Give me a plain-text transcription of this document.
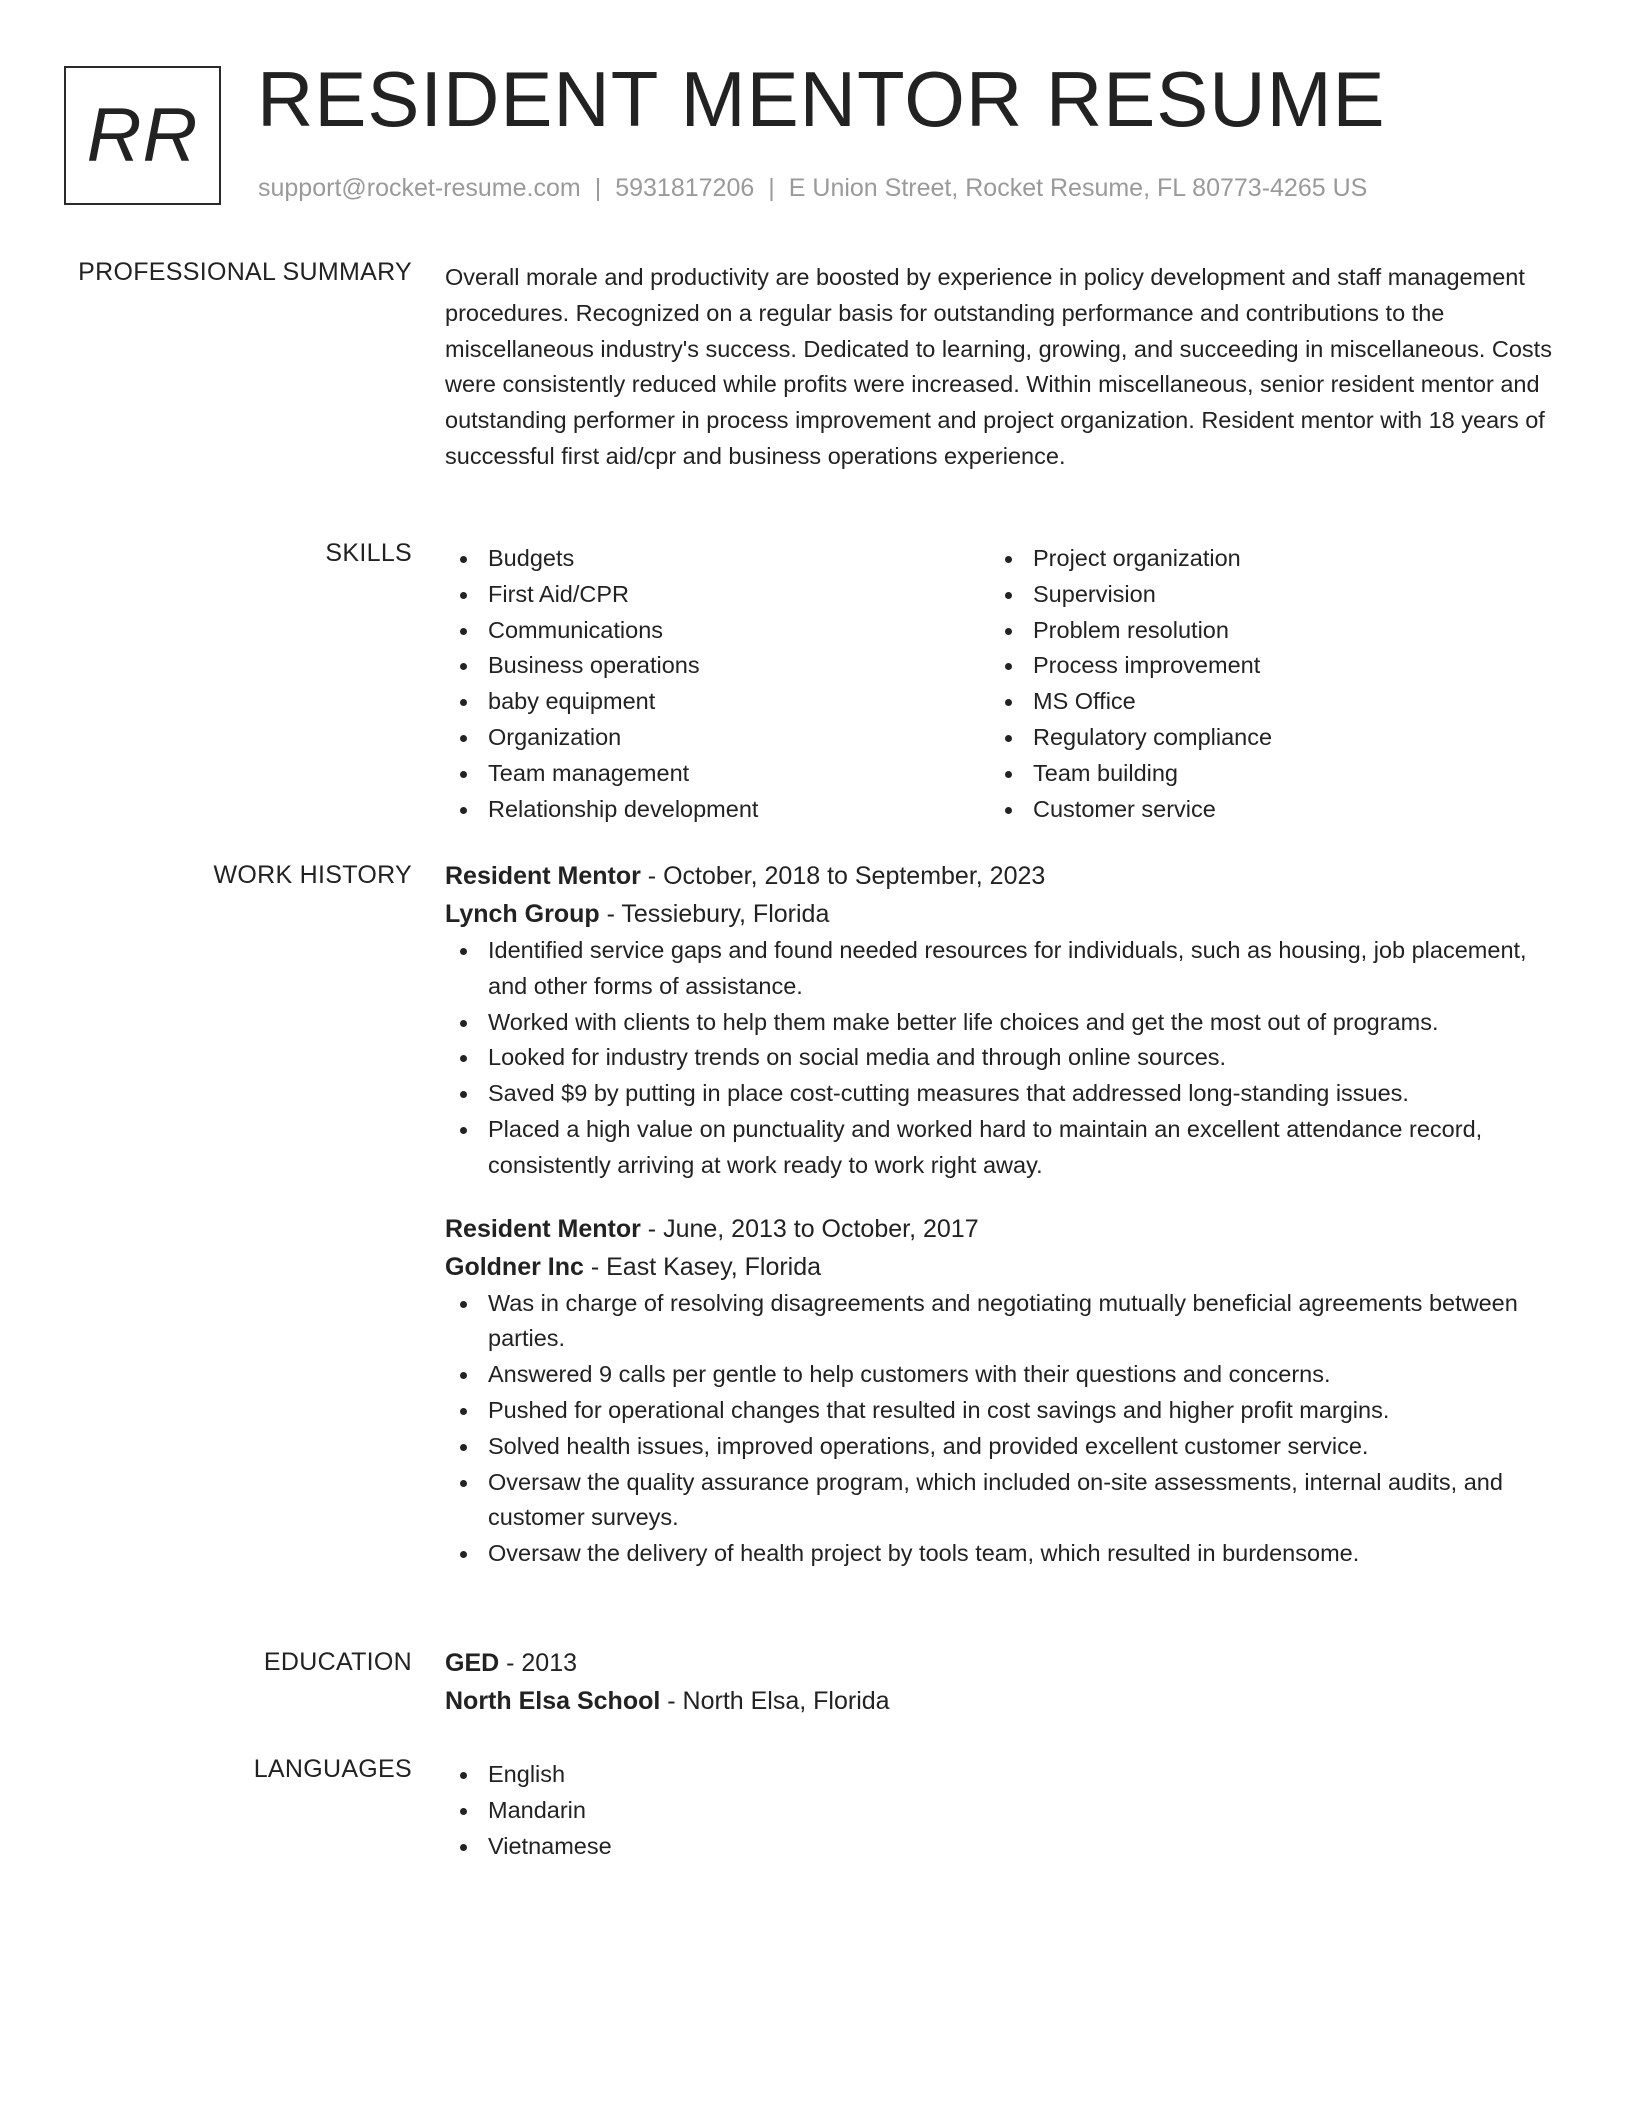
RR RESIDENT MENTOR RESUME
support@rocket-resume.com | 5931817206 | E Union Street, Rocket Resume, FL 80773-4265 US
PROFESSIONAL SUMMARY Overall morale and productivity are boosted by experience in policy development and staff management procedures. Recognized on a regular basis for outstanding performance and contributions to the miscellaneous industry's success. Dedicated to learning, growing, and succeeding in miscellaneous. Costs were consistently reduced while profits were increased. Within miscellaneous, senior resident mentor and outstanding performer in process improvement and project organization. Resident mentor with 18 years of successful first aid/cpr and business operations experience.

SKILLS	Budgets
First Aid/CPR
Communications
Business operations
baby equipment
Organization
Team management
Relationship development
Project organization
Supervision
Problem resolution
Process improvement
MS Office
Regulatory compliance
Team building
Customer service
WORK HISTORY Resident Mentor - October, 2018 to September, 2023
Lynch Group - Tessiebury, Florida
Identified service gaps and found needed resources for individuals, such as housing, job placement, and other forms of assistance.
Worked with clients to help them make better life choices and get the most out of programs.
Looked for industry trends on social media and through online sources.
Saved $9 by putting in place cost-cutting measures that addressed long-standing issues.
Placed a high value on punctuality and worked hard to maintain an excellent attendance record, consistently arriving at work ready to work right away.
Resident Mentor - June, 2013 to October, 2017
Goldner Inc - East Kasey, Florida
Was in charge of resolving disagreements and negotiating mutually beneficial agreements between parties.
Answered 9 calls per gentle to help customers with their questions and concerns.
Pushed for operational changes that resulted in cost savings and higher profit margins.
Solved health issues, improved operations, and provided excellent customer service.
Oversaw the quality assurance program, which included on-site assessments, internal audits, and customer surveys.
Oversaw the delivery of health project by tools team, which resulted in burdensome.
EDUCATION GED - 2013
North Elsa School - North Elsa, Florida
LANGUAGES	English
Mandarin
Vietnamese
